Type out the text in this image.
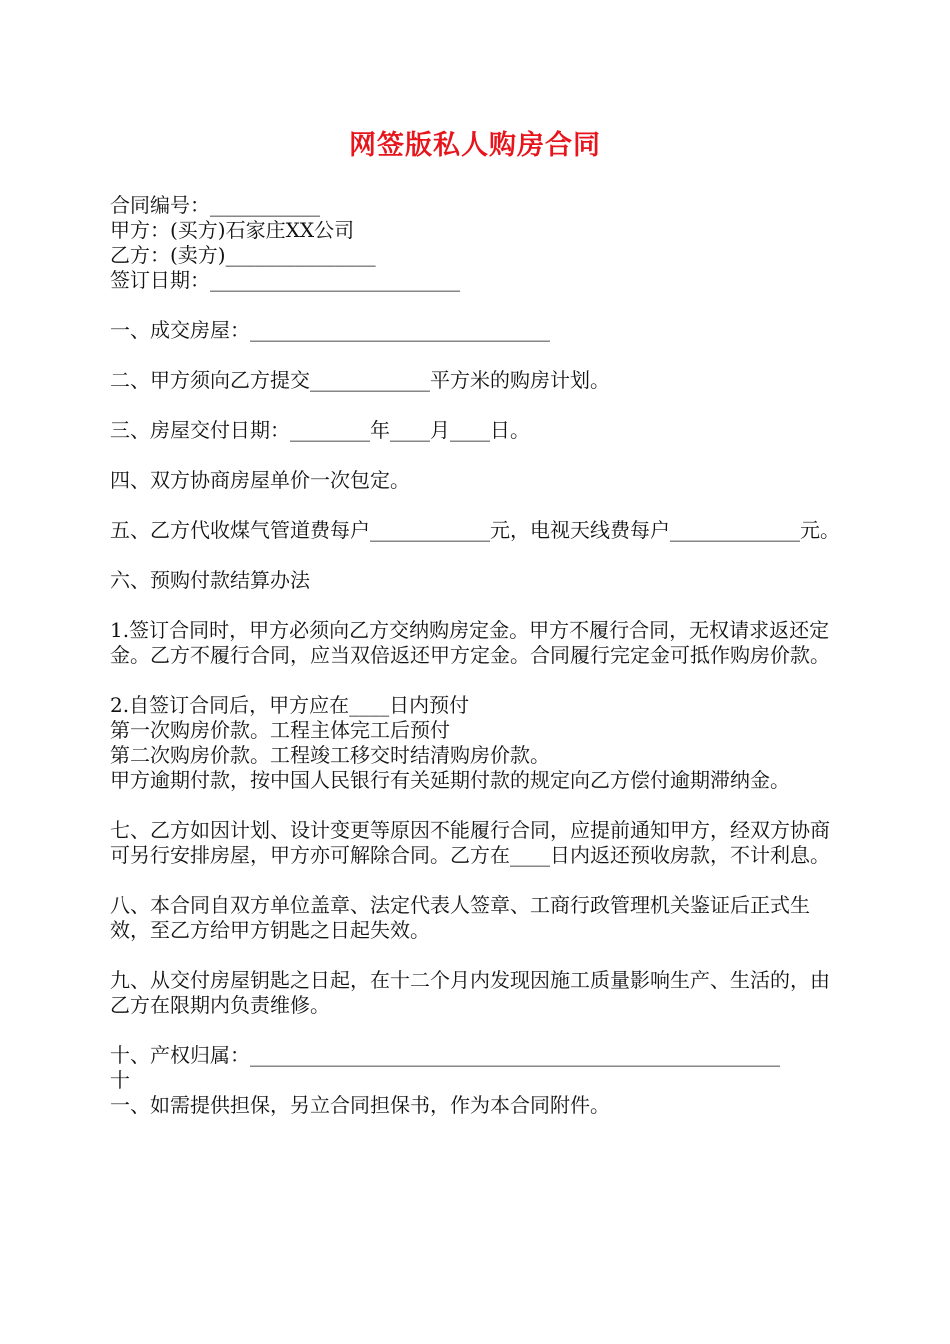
网签版私人购房合同

合同编号：___________

甲方：(买方)石家庄XX公司

乙方：(卖方)_______________

签订日期：_________________________

一、成交房屋：______________________________

二、甲方须向乙方提交____________平方米的购房计划。

三、房屋交付日期：________年____月____日。

四、双方协商房屋单价一次包定。

五、乙方代收煤气管道费每户____________元，电视天线费每户_____________元。

六、预购付款结算办法

1.签订合同时，甲方必须向乙方交纳购房定金。甲方不履行合同，无权请求返还定金。乙方不履行合同，应当双倍返还甲方定金。合同履行完定金可抵作购房价款。

2.自签订合同后，甲方应在____日内预付

第一次购房价款。工程主体完工后预付

第二次购房价款。工程竣工移交时结清购房价款。

甲方逾期付款，按中国人民银行有关延期付款的规定向乙方偿付逾期滞纳金。

七、乙方如因计划、设计变更等原因不能履行合同，应提前通知甲方，经双方协商可另行安排房屋，甲方亦可解除合同。乙方在____日内返还预收房款，不计利息。

八、本合同自双方单位盖章、法定代表人签章、工商行政管理机关鉴证后正式生效，至乙方给甲方钥匙之日起失效。

九、从交付房屋钥匙之日起，在十二个月内发现因施工质量影响生产、生活的，由乙方在限期内负责维修。

十、产权归属：_____________________________________________________

十

一、如需提供担保，另立合同担保书，作为本合同附件。
